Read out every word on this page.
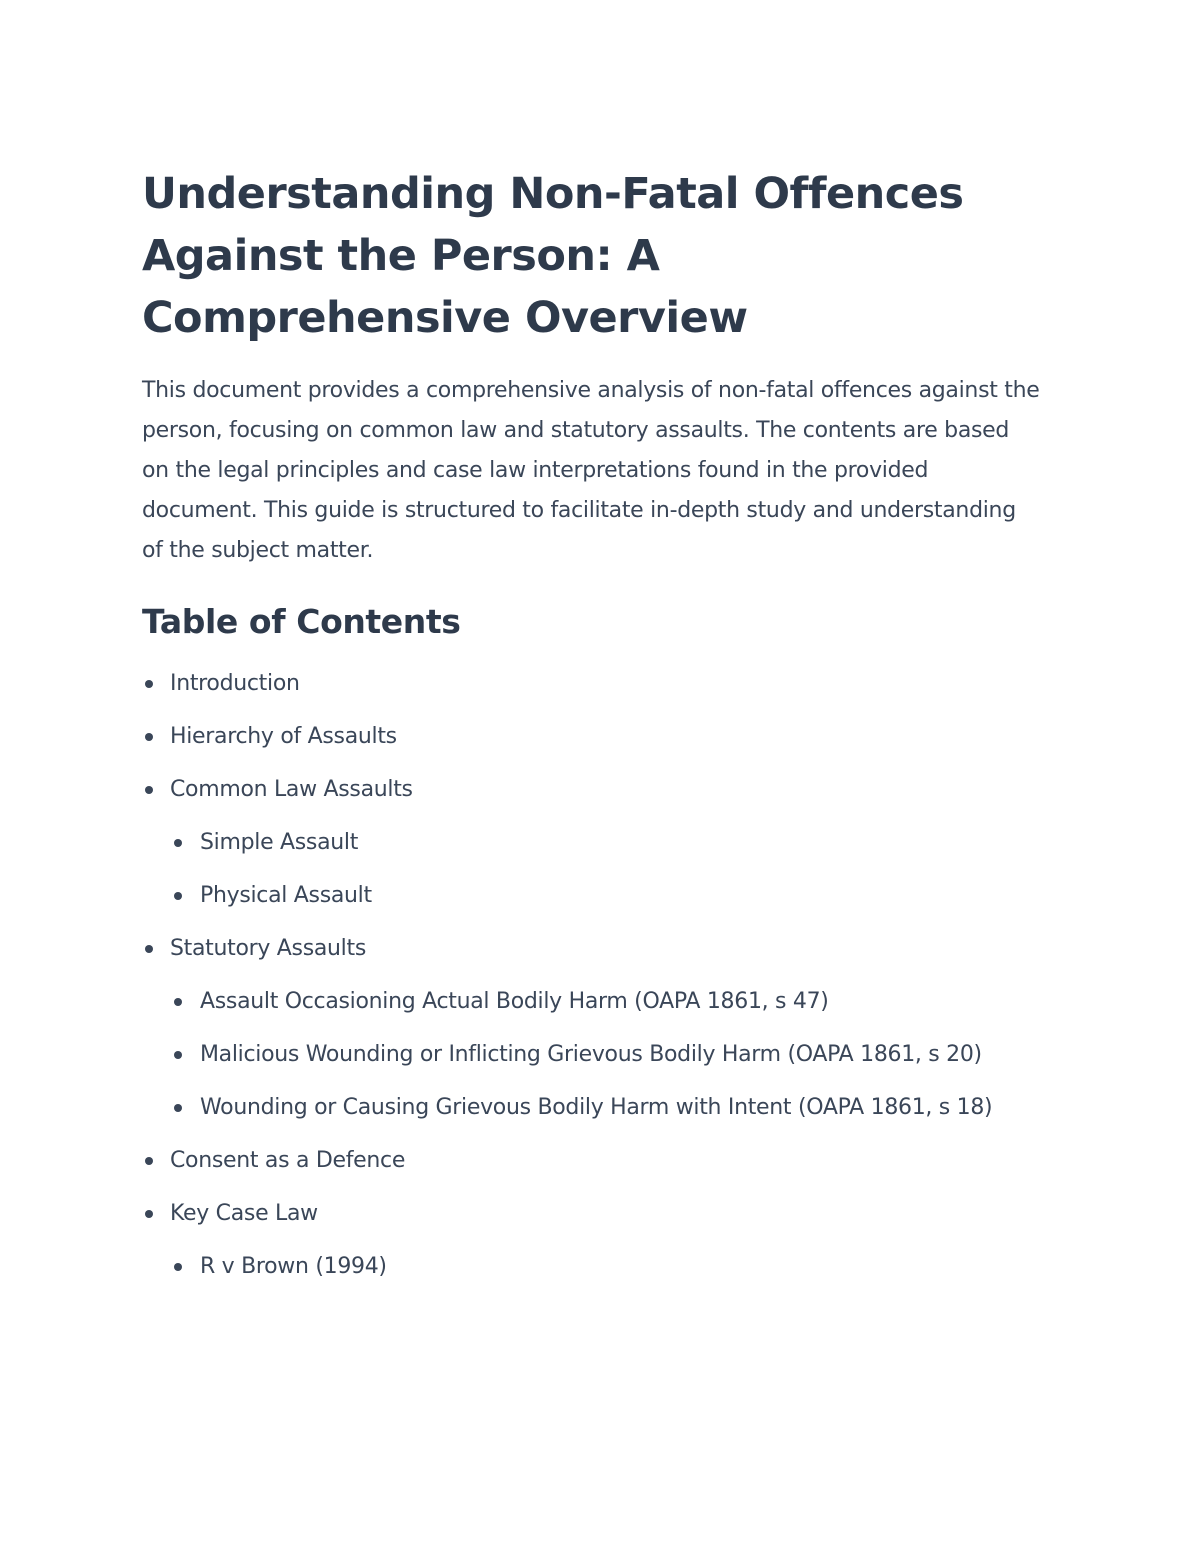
Understanding Non-Fatal Offences Against the Person: A Comprehensive Overview

This document provides a comprehensive analysis of non-fatal offences against the person, focusing on common law and statutory assaults. The contents are based on the legal principles and case law interpretations found in the provided document. This guide is structured to facilitate in-depth study and understanding of the subject matter.

Table of Contents
Introduction
Hierarchy of Assaults
Common Law Assaults
Simple Assault
Physical Assault
Statutory Assaults
Assault Occasioning Actual Bodily Harm (OAPA 1861, s 47)
Malicious Wounding or Inflicting Grievous Bodily Harm (OAPA 1861, s 20)
Wounding or Causing Grievous Bodily Harm with Intent (OAPA 1861, s 18)
Consent as a Defence
Key Case Law
R v Brown (1994)
